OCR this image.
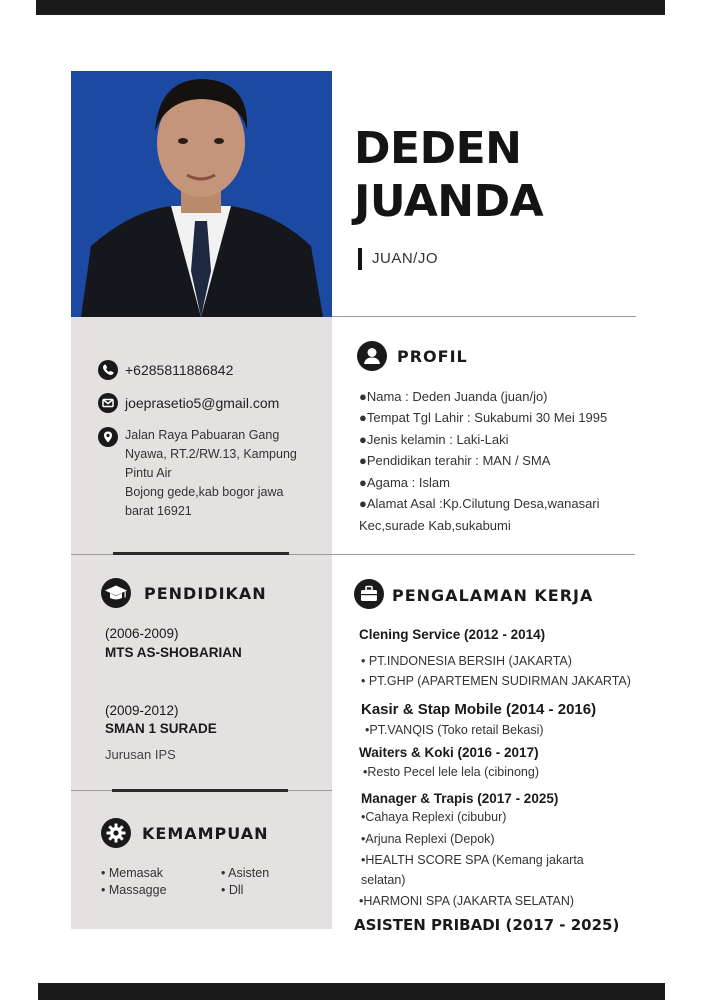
DEDEN
JUANDA
JUAN/JO
+6285811886842
joeprasetio5@gmail.com
Jalan Raya Pabuaran Gang
Nyawa, RT.2/RW.13, Kampung
Pintu Air
Bojong gede,kab bogor jawa
barat 16921
PROFIL
●Nama : Deden Juanda (juan/jo)
●Tempat Tgl Lahir : Sukabumi 30 Mei 1995
●Jenis kelamin : Laki-Laki
●Pendidikan terahir : MAN / SMA
●Agama : Islam
●Alamat Asal :Kp.Cilutung Desa,wanasari
Kec,surade Kab,sukabumi
PENDIDIKAN
(2006-2009)
MTS AS-SHOBARIAN
(2009-2012)
SMAN 1 SURADE
Jurusan IPS
KEMAMPUAN
• Memasak
• Massagge
• Asisten
• Dll
PENGALAMAN KERJA
Clening Service (2012 - 2014)
• PT.INDONESIA BERSIH (JAKARTA)
• PT.GHP (APARTEMEN SUDIRMAN JAKARTA)
Kasir & Stap Mobile (2014 - 2016)
•PT.VANQIS (Toko retail Bekasi)
Waiters & Koki (2016 - 2017)
•Resto Pecel lele lela (cibinong)
Manager & Trapis (2017 - 2025)
•Cahaya Replexi (cibubur)
•Arjuna Replexi (Depok)
•HEALTH SCORE SPA (Kemang jakarta
selatan)
•HARMONI SPA (JAKARTA SELATAN)
ASISTEN PRIBADI (2017 - 2025)
